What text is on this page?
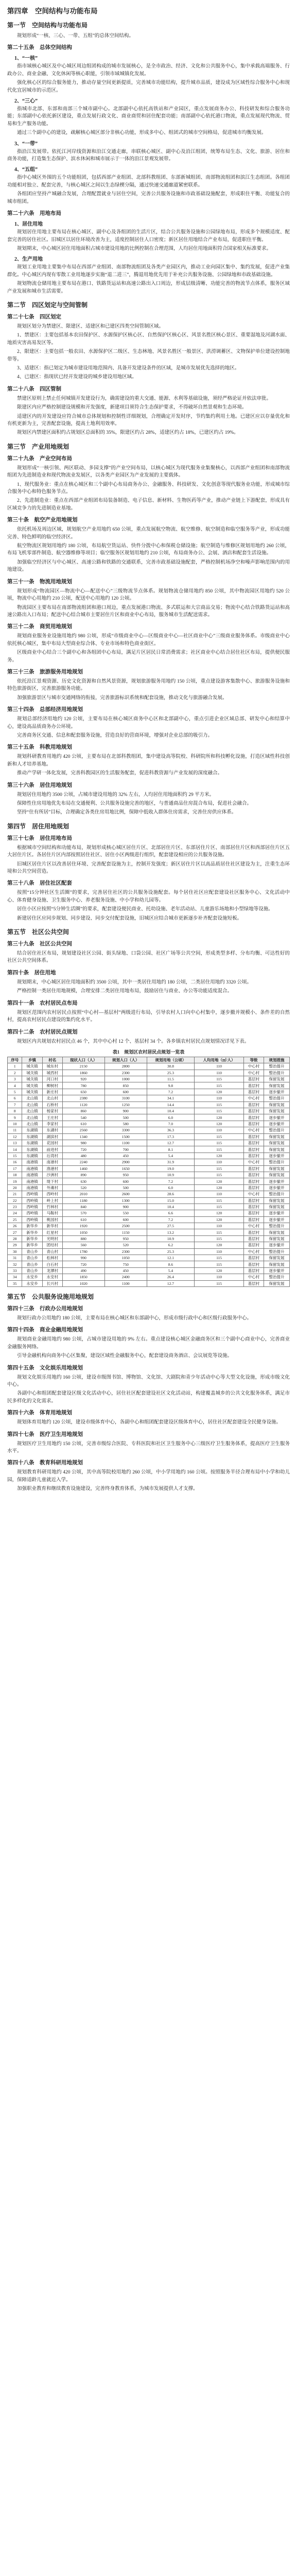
第四章　空间结构与功能布局
第一节　空间结构与功能布局
规划形成“一核、三心、一带、五组”的总体空间结构。
第二十五条　总体空间结构
1、“一核”
指市域核心城区及中心城区周边组团构成的城市发展核心，是全市政治、经济、文化和公共服务中心，集中承载高端服务、行政办公、商业金融、文化休闲等核心职能，引领市域城镇化发展。
强化核心区的综合服务能力，推动存量空间更新提质，完善城市功能结构，提升城市品质，建设成为区域性综合服务中心和现代化宜居城市的示范区。
2、“三心”
指城市北部、东部和南部三个城市副中心。北部副中心依托高铁站和产业园区，重点发展商务办公、科技研发和综合服务功能；东部副中心依托新区建设，重点发展行政文化、商业商贸和居住配套功能；南部副中心依托港口物流，重点发展现代物流、贸易和生产服务功能。
通过三个副中心的建设，疏解核心城区部分非核心功能，形成多中心、组团式的城市空间格局，促进城市均衡发展。
3、“一带”
指沿江发展带。依托江河岸线资源和沿江交通走廊，串联核心城区、副中心及沿江组团，统筹布局生态、文化、旅游、居住和商务功能，打造集生态保护、滨水休闲和城市展示于一体的沿江景观发展带。
4、“五组”
指中心城区外围的五个功能组团，包括西部产业组团、北部科教组团、东部新城组团、南部物流组团和滨江生态组团。各组团功能相对独立、配套完善，与核心城区之间以生态绿楔分隔，通过快速交通廊道紧密联系。
各组团应坚持产城融合发展，合理配置就业与居住空间，完善公共服务设施和市政基础设施配套，形成职住平衡、功能复合的城市组团。
第二十六条　用地布局
1、居住用地
规划居住用地主要布局在核心城区、副中心及各组团的生活片区，结合公共服务设施和公园绿地布局，形成多个规模适度、配套完善的居住社区。旧城区以居住环境改善为主，适度控制居住人口密度；新区居住用地结合产业布局，促进职住平衡。
规划期末，中心城区居住用地面积占城市建设用地的比例控制在合理范围，人均居住用地面积符合国家相关标准要求。
2、生产用地
规划工业用地主要集中布局在西部产业组团、南部物流组团及各类产业园区内，推动工业向园区集中、集约发展，促进产业集群化。中心城区内现有零散工业用地逐步实施“退二进三”，腾退用地优先用于补充公共服务设施、公园绿地和市政基础设施。
规划物流仓储用地主要布局在港口、铁路货运站和高速公路出入口周边，形成层级清晰、功能完善的物流节点体系，服务区域产业发展和城市生活需要。
第二节　四区划定与空间管制
第二十七条　四区划定
规划区划分为禁建区、限建区、适建区和已建区四类空间管制区域。
1、禁建区：主要包括基本农田保护区、水源保护区核心区、自然保护区核心区、风景名胜区核心景区、重要湿地及河湖水面、地质灾害高易发区等。
2、限建区：主要包括一般农田、水源保护区二级区、生态林地、风景名胜区一般景区、洪涝调蓄区、文物保护单位建设控制地带等。
3、适建区：指已划定为城市建设用地范围内、具备开发建设条件的区域，是城市发展优先选择的地区。
4、已建区：指现状已经开发建设的城乡建设用地区域。
第二十八条　四区管制
禁建区原则上禁止任何城镇开发建设行为，确需建设的重大交通、能源、水利等基础设施，须经严格论证并依法审批。
限建区内应严格控制建设规模和开发强度，新建项目须符合生态保护要求，不得破坏自然景观和生态环境。
适建区内的开发建设应符合城市总体规划和控制性详细规划，合理确定开发时序，节约集约利用土地。已建区应以存量优化和有机更新为主，完善配套设施，提高土地利用效率。
规划区内禁建区面积约占规划区总面积的 35%，限建区约占 28%，适建区约占 18%，已建区约占 19%。
第三节　产业用地规划
第二十九条　产业空间布局
规划形成“一核引领、两区联动、多园支撑”的产业空间布局，以核心城区为现代服务业集聚核心，以西部产业组团和南部物流组团为先进制造业和现代物流业发展区，以各类产业园区为产业发展的主要载体。
1、现代服务业：重点在核心城区和三个副中心布局商务办公、金融服务、科技研发、文化创意等现代服务业功能，形成城市综合服务中心和特色服务节点。
2、先进制造业：重点在西部产业组团布局装备制造、电子信息、新材料、生物医药等产业，推动产业链上下游配套，形成具有区域竞争力的先进制造业基地。
第三十条　航空产业用地规划
依托机场及周边区域，规划航空产业用地约 650 公顷，重点发展航空物流、航空维修、航空制造和临空服务等产业，形成功能完善、特色鲜明的临空经济区。
航空物流区规划用地约 180 公顷，布局航空货运站、快件分拨中心和保税仓储设施；航空制造与维修区规划用地约 260 公顷，布局飞机零部件制造、航空器维修等项目；临空服务区规划用地约 210 公顷，布局商务办公、会展、酒店和配套生活设施。
加强临空经济区与中心城区、高速公路和铁路的交通联系，完善市政基础设施配套，严格控制机场净空和噪声影响范围内的用地建设。
第三十一条　物流用地规划
规划形成“物流园区—物流中心—配送中心”三级物流节点体系。规划物流仓储用地约 850 公顷，其中物流园区用地约 520 公顷，物流中心用地约 210 公顷，配送中心用地约 120 公顷。
物流园区主要布局在南部物流组团和港口周边，重点发展港口物流、多式联运和大宗商品交易；物流中心结合铁路货运站和高速公路出入口布局；配送中心结合城市主要居住片区和商业中心布局，服务城市生活配送需求。
第三十二条　商贸用地规划
规划商业服务业设施用地约 980 公顷，形成“市级商业中心—区级商业中心—社区商业中心”三级商业服务体系。市级商业中心依托核心城区，集中布局大型商业综合体、专业市场和特色商业街区。
区级商业中心结合三个副中心和各组团中心布局，满足片区居民日常消费需求；社区商业中心结合居住社区布局，提供便民服务。
第三十三条　旅游服务用地规划
依托沿江景观资源、历史文化资源和自然风景资源，规划旅游服务用地约 150 公顷，重点建设游客集散中心、旅游服务设施和特色旅游街区，完善旅游服务功能。
加强旅游景区与城市交通网络的衔接，完善旅游标识系统和配套设施，推动文化与旅游融合发展。
第三十四条　总部经济用地规划
规划总部经济用地约 120 公顷，主要布局在核心城区商务中心区和北部副中心，重点引进企业区域总部、研发中心和结算中心，建设高品质商务办公环境。
完善商务区交通、信息和配套服务设施，营造良好的营商环境，增强对企业总部的吸引力。
第三十五条　科教用地规划
规划科研教育用地约 420 公顷，主要布局在北部科教组团，集中建设高等院校、科研院所和科技孵化设施，打造区域性科技创新和人才培养基地。
推动产学研一体化发展，完善科教园区的生活服务配套，促进科教资源与产业发展的深度融合。
第三十六条　居住用地规划
规划居住用地约 3500 公顷，占城市建设用地的 32% 左右，人均居住用地面积约 29 平方米。
保障性住房用地优先布局在交通便利、公共服务设施完善的地区，与普通商品住房混合布局，促进社会融合。
坚持“住有所居”目标，合理确定各类住房用地比例，保障中低收入群体住房需求，完善住房供应体系。
第四节　居住用地规划
第三十七条　居住用地布局
根据城市空间结构和功能布局，规划形成核心城区居住片区、北部居住片区、东部居住片区、南部居住片区和西部居住片区五大居住片区。各居住片区内部按照居住社区、居住小区两级进行组织，配套建设相应的公共服务设施。
旧城区居住片区以改善居住环境、完善配套设施为主，控制开发强度；新区居住片区以高品质居住社区建设为主，注重生态环境和公共空间营造。
第三十八条　居住社区配套
按照“15分钟社区生活圈”的要求，完善居住社区的公共服务设施配套。每个居住社区应配套建设社区服务中心、文化活动中心、体育健身设施、卫生服务中心、养老服务设施、中小学和幼儿园等。
居住小区应按照“5分钟生活圈”的要求，配套建设便民商业、托幼设施、老年活动站、儿童游乐场地和小型绿地等设施。
新建居住区应同步规划、同步建设、同步交付配套设施，旧城区应结合城市更新逐步补齐配套设施短板。
第五节　社区公共空间
第三十九条　社区公共空间
结合居住社区布局，规划建设社区公园、街头绿地、口袋公园、社区广场等公共空间，形成类型多样、分布均衡、可达性好的社区公共空间体系。
第四十条　居住用地
规划期末，中心城区居住用地面积约 3500 公顷，其中一类居住用地约 180 公顷，二类居住用地约 3320 公顷。
严格控制一类居住用地规模，合理安排二类居住用地布局，鼓励居住与商业、办公等功能适度混合。
第四十一条　农村居民点布局
规划区范围内农村居民点按照“中心村—基层村”两级进行布局，引导农村人口向中心村集中，逐步撤并规模小、条件差的自然村，提高农村居民点建设的集约化水平。
第四十二条　农村居民点规划
规划区内共规划农村居民点 46 个，其中中心村 12 个、基层村 34 个。各乡镇农村居民点规划情况详见下表。
表1　规划区农村居民点规划一览表
序号	乡镇	村名	现状人口（人）	规划人口（人）	规划用地（公顷）	人均用地（㎡/人）	等级	规划措施
1	城关镇	城东村	2150	2800	30.8	110	中心村	整治提升
2	城关镇	城西村	1860	2300	25.3	110	中心村	整治提升
3	城关镇	河口村	920	1000	11.5	115	基层村	保留发展
4	城关镇	柳树村	780	850	9.8	115	基层村	保留发展
5	城关镇	新庄村	650	600	7.2	120	基层村	逐步撤并
6	北山镇	北山村	2380	3100	34.1	110	中心村	整治提升
7	北山镇	石桥村	1120	1250	14.4	115	基层村	保留发展
8	北山镇	杨家村	860	900	10.4	115	基层村	保留发展
9	北山镇	王庄村	540	500	6.0	120	基层村	逐步撤并
10	北山镇	李家村	610	580	7.0	120	基层村	逐步撤并
11	东湖镇	东湖村	2560	3300	36.3	110	中心村	整治提升
12	东湖镇	湖滨村	1340	1500	17.3	115	基层村	保留发展
13	东湖镇	花园村	980	1100	12.7	115	基层村	保留发展
14	东湖镇	前进村	720	700	8.1	115	基层村	保留发展
15	东湖镇	后湾村	480	450	5.4	120	基层村	逐步撤并
16	南港镇	南港村	2240	2900	31.9	110	中心村	整治提升
17	南港镇	渔港村	1460	1650	19.0	115	基层村	保留发展
18	南港镇	沙洲村	890	950	10.9	115	基层村	保留发展
19	南港镇	堤下村	630	600	7.2	120	基层村	逐步撤并
20	南港镇	外滩村	520	500	6.0	120	基层村	逐步撤并
21	西岭镇	西岭村	2010	2600	28.6	110	中心村	整治提升
22	西岭镇	岭上村	1180	1300	15.0	115	基层村	保留发展
23	西岭镇	竹林村	840	900	10.4	115	基层村	保留发展
24	西岭镇	马鞍村	570	550	6.6	120	基层村	逐步撤并
25	西岭镇	桃园村	610	600	7.2	120	基层村	逐步撤并
26	新华乡	新华村	1920	2500	27.5	110	中心村	整治提升
27	新华乡	红星村	1050	1150	13.2	115	基层村	保留发展
28	新华乡	光明村	880	950	10.9	115	基层村	保留发展
29	新华乡	团结村	560	520	6.2	120	基层村	逐步撤并
30	青山乡	青山村	1780	2300	25.3	110	中心村	整治提升
31	青山乡	松林村	990	1050	12.1	115	基层村	保留发展
32	青山乡	白石村	720	750	8.6	115	基层村	保留发展
33	青山乡	龙潭村	490	450	5.4	120	基层村	逐步撤并
34	永安乡	永安村	1850	2400	26.4	110	中心村	整治提升
35	永安乡	长兴村	1020	1100	12.7	115	基层村	保留发展
第五节　公共服务设施用地规划
第四十三条　行政办公用地规划
规划行政办公用地约 180 公顷，主要布局在核心城区和东部副中心，形成市级行政中心和区级行政服务中心。
第四十四条　商业金融用地规划
规划商业金融用地约 980 公顷，占城市建设用地的 9% 左右。重点建设核心城区金融商务区和三个副中心商业中心，完善商业金融服务网络。
引导金融机构向商务中心区集聚，建设区域性金融服务中心，配套建设商务酒店、会议展览等设施。
第四十五条　文化娱乐用地规划
规划文化娱乐用地约 160 公顷，建设市级图书馆、博物馆、文化馆、大剧院和青少年活动中心等大型文化设施，形成市级文化中心。
各副中心和组团配套建设区级文化活动中心，居住社区配套建设社区文化活动站，构建覆盖城乡的公共文化服务体系，满足市民多样化的文化需求。
第四十六条　体育用地规划
规划体育用地约 120 公顷，建设市级体育中心，各副中心和组团配套建设区级体育中心，居住社区配套建设全民健身设施。
第四十七条　医疗卫生用地规划
规划医疗卫生用地约 150 公顷，完善市级综合医院、专科医院和社区卫生服务中心三级医疗卫生服务体系，提高医疗卫生服务水平。
第四十八条　教育科研用地规划
规划教育科研用地约 420 公顷，其中高等院校用地约 260 公顷，中小学用地约 160 公顷。按照服务半径合理布局中小学和幼儿园，保障适龄儿童就近入学。
加强职业教育和继续教育设施建设，完善终身教育体系，为城市发展提供人才支撑。
